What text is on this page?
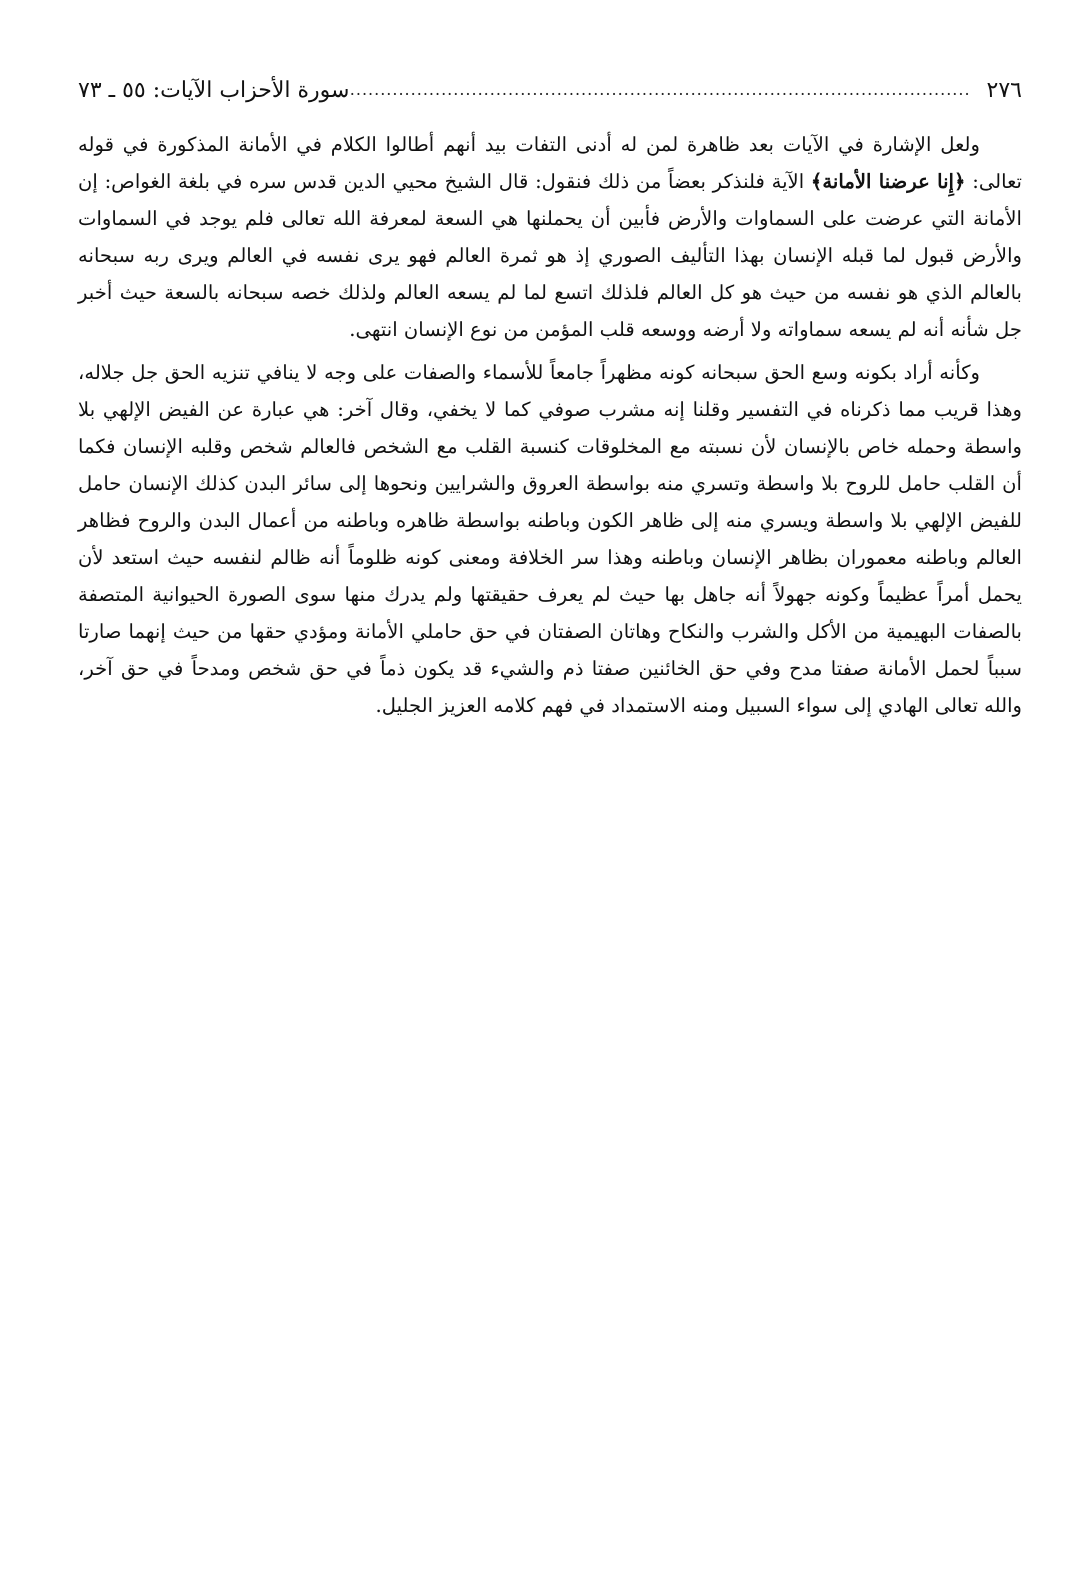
٢٧٦
.....
سورة الأحزاب الآيات: ٥٥ ـ ٧٣

ولعل الإشارة في الآيات بعد ظاهرة لمن له أدنى التفات بيد أنهم أطالوا الكلام في الأمانة المذكورة في قوله تعالى: ﴿إِنا عرضنا الأمانة﴾ الآية فلنذكر بعضاً من ذلك فنقول: قال الشيخ محيي الدين قدس سره في بلغة الغواص: إن الأمانة التي عرضت على السماوات والأرض فأبين أن يحملنها هي السعة لمعرفة الله تعالى فلم يوجد في السماوات والأرض قبول لما قبله الإنسان بهذا التأليف الصوري إذ هو ثمرة العالم فهو يرى نفسه في العالم ويرى ربه سبحانه بالعالم الذي هو نفسه من حيث هو كل العالم فلذلك اتسع لما لم يسعه العالم ولذلك خصه سبحانه بالسعة حيث أخبر جل شأنه أنه لم يسعه سماواته ولا أرضه ووسعه قلب المؤمن من نوع الإنسان انتهى.

وكأنه أراد بكونه وسع الحق سبحانه كونه مظهراً جامعاً للأسماء والصفات على وجه لا ينافي تنزيه الحق جل جلاله، وهذا قريب مما ذكرناه في التفسير وقلنا إنه مشرب صوفي كما لا يخفي، وقال آخر: هي عبارة عن الفيض الإلهي بلا واسطة وحمله خاص بالإنسان لأن نسبته مع المخلوقات كنسبة القلب مع الشخص فالعالم شخص وقلبه الإنسان فكما أن القلب حامل للروح بلا واسطة وتسري منه بواسطة العروق والشرايين ونحوها إلى سائر البدن كذلك الإنسان حامل للفيض الإلهي بلا واسطة ويسري منه إلى ظاهر الكون وباطنه بواسطة ظاهره وباطنه من أعمال البدن والروح فظاهر العالم وباطنه معموران بظاهر الإنسان وباطنه وهذا سر الخلافة ومعنى كونه ظلوماً أنه ظالم لنفسه حيث استعد لأن يحمل أمراً عظيماً وكونه جهولاً أنه جاهل بها حيث لم يعرف حقيقتها ولم يدرك منها سوى الصورة الحيوانية المتصفة بالصفات البهيمية من الأكل والشرب والنكاح وهاتان الصفتان في حق حاملي الأمانة ومؤدي حقها من حيث إنهما صارتا سبباً لحمل الأمانة صفتا مدح وفي حق الخائنين صفتا ذم والشيء قد يكون ذماً في حق شخص ومدحاً في حق آخر، والله تعالى الهادي إلى سواء السبيل ومنه الاستمداد في فهم كلامه العزيز الجليل.
